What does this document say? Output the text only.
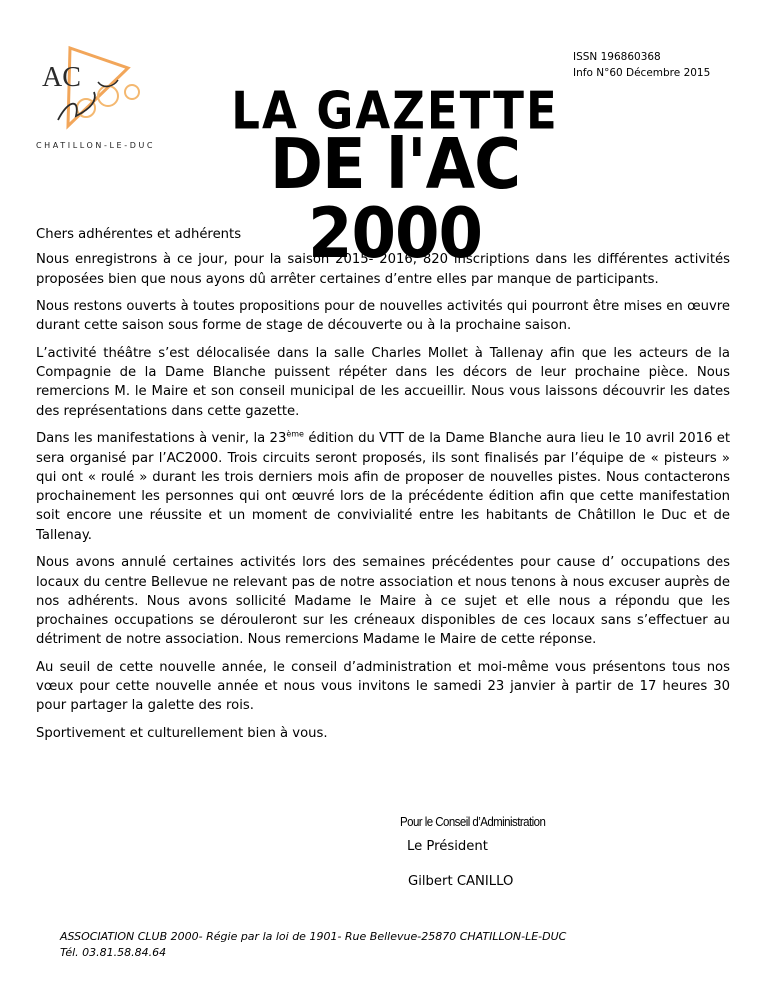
AC
CHATILLON-LE-DUC
ISSN 196860368
Info N°60 Décembre 2015
LA GAZETTE
DE l'AC 2000

Chers adhérentes et adhérents

Nous enregistrons à ce jour, pour la saison 2015- 2016, 820 inscriptions dans les différentes activités proposées bien que nous ayons dû arrêter certaines d’entre elles par manque de participants.

Nous restons ouverts à toutes propositions pour de nouvelles activités qui pourront être mises en œuvre durant cette saison sous forme de stage de découverte ou à la prochaine saison.

L’activité théâtre s’est délocalisée dans la salle Charles Mollet à Tallenay afin que les acteurs de la Compagnie de la Dame Blanche puissent répéter dans les décors de leur prochaine pièce. Nous remercions M. le Maire et son conseil municipal de les accueillir. Nous vous laissons découvrir les dates des représentations dans cette gazette.

Dans les manifestations à venir, la 23ème édition du VTT de la Dame Blanche aura lieu le 10 avril 2016 et sera organisé par l’AC2000. Trois circuits seront proposés, ils sont finalisés par l’équipe de « pisteurs » qui ont « roulé » durant les trois derniers mois afin de proposer de nouvelles pistes. Nous contacterons prochainement les personnes qui ont œuvré lors de la précédente édition afin que cette manifestation soit encore une réussite et un moment de convivialité entre les habitants de Châtillon le Duc et de Tallenay.

Nous avons annulé certaines activités lors des semaines précédentes pour cause d’ occupations des locaux du centre Bellevue ne relevant pas de notre association et nous tenons à nous excuser auprès de nos adhérents. Nous avons sollicité Madame le Maire à ce sujet et elle nous a répondu que les prochaines occupations se dérouleront sur les créneaux disponibles de ces locaux sans s’effectuer au détriment de notre association. Nous remercions Madame le Maire de cette réponse.

Au seuil de cette nouvelle année, le conseil d’administration et moi-même vous présentons tous nos vœux pour cette nouvelle année et nous vous invitons le samedi 23 janvier à partir de 17 heures 30 pour partager la galette des rois.

Sportivement et culturellement bien à vous.

Pour le Conseil d’Administration
Le Président
Gilbert CANILLO
ASSOCIATION CLUB 2000- Régie par la loi de 1901- Rue Bellevue-25870 CHATILLON-LE-DUC
Tél. 03.81.58.84.64
